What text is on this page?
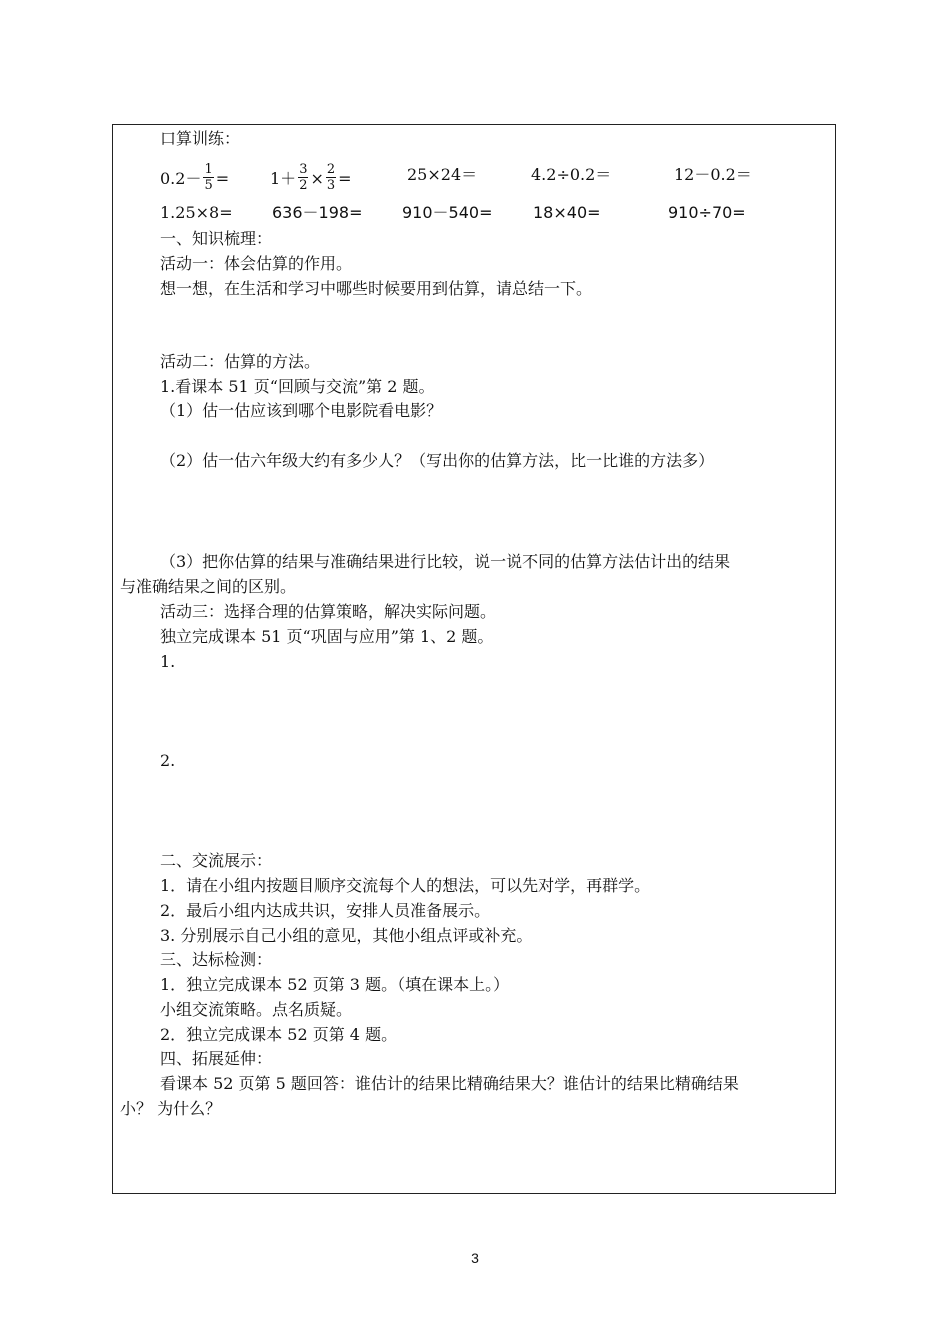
口算训练：
$0.2- \frac{1}{5}$ =	$1+ \frac{3}{2} \times \frac{2}{3}$ =	25×24＝	4.2÷0.2＝	12－0.2＝
1.25×8= 636－198= 910－540=	18×40=	910÷70=
一、知识梳理：
活动一：体会估算的作用。
想一想，在生活和学习中哪些时候要用到估算，请总结一下。
活动二：估算的方法。
1.看课本 51 页“回顾与交流”第 2 题。
（1）估一估应该到哪个电影院看电影？
（2）估一估六年级大约有多少人？（写出你的估算方法，比一比谁的方法多）
（3）把你估算的结果与准确结果进行比较，说一说不同的估算方法估计出的结果
与准确结果之间的区别。
活动三：选择合理的估算策略，解决实际问题。
独立完成课本 51 页“巩固与应用”第 1、2 题。
1.
2.
二、交流展示：
1．请在小组内按题目顺序交流每个人的想法，可以先对学，再群学。
2．最后小组内达成共识，安排人员准备展示。
3. 分别展示自己小组的意见，其他小组点评或补充。
三、达标检测：
1．独立完成课本 52 页第 3 题。（填在课本上。）
小组交流策略。点名质疑。
2．独立完成课本 52 页第 4 题。
四、拓展延伸：
看课本 52 页第 5 题回答：谁估计的结果比精确结果大？谁估计的结果比精确结果
小？ 为什么？
3
